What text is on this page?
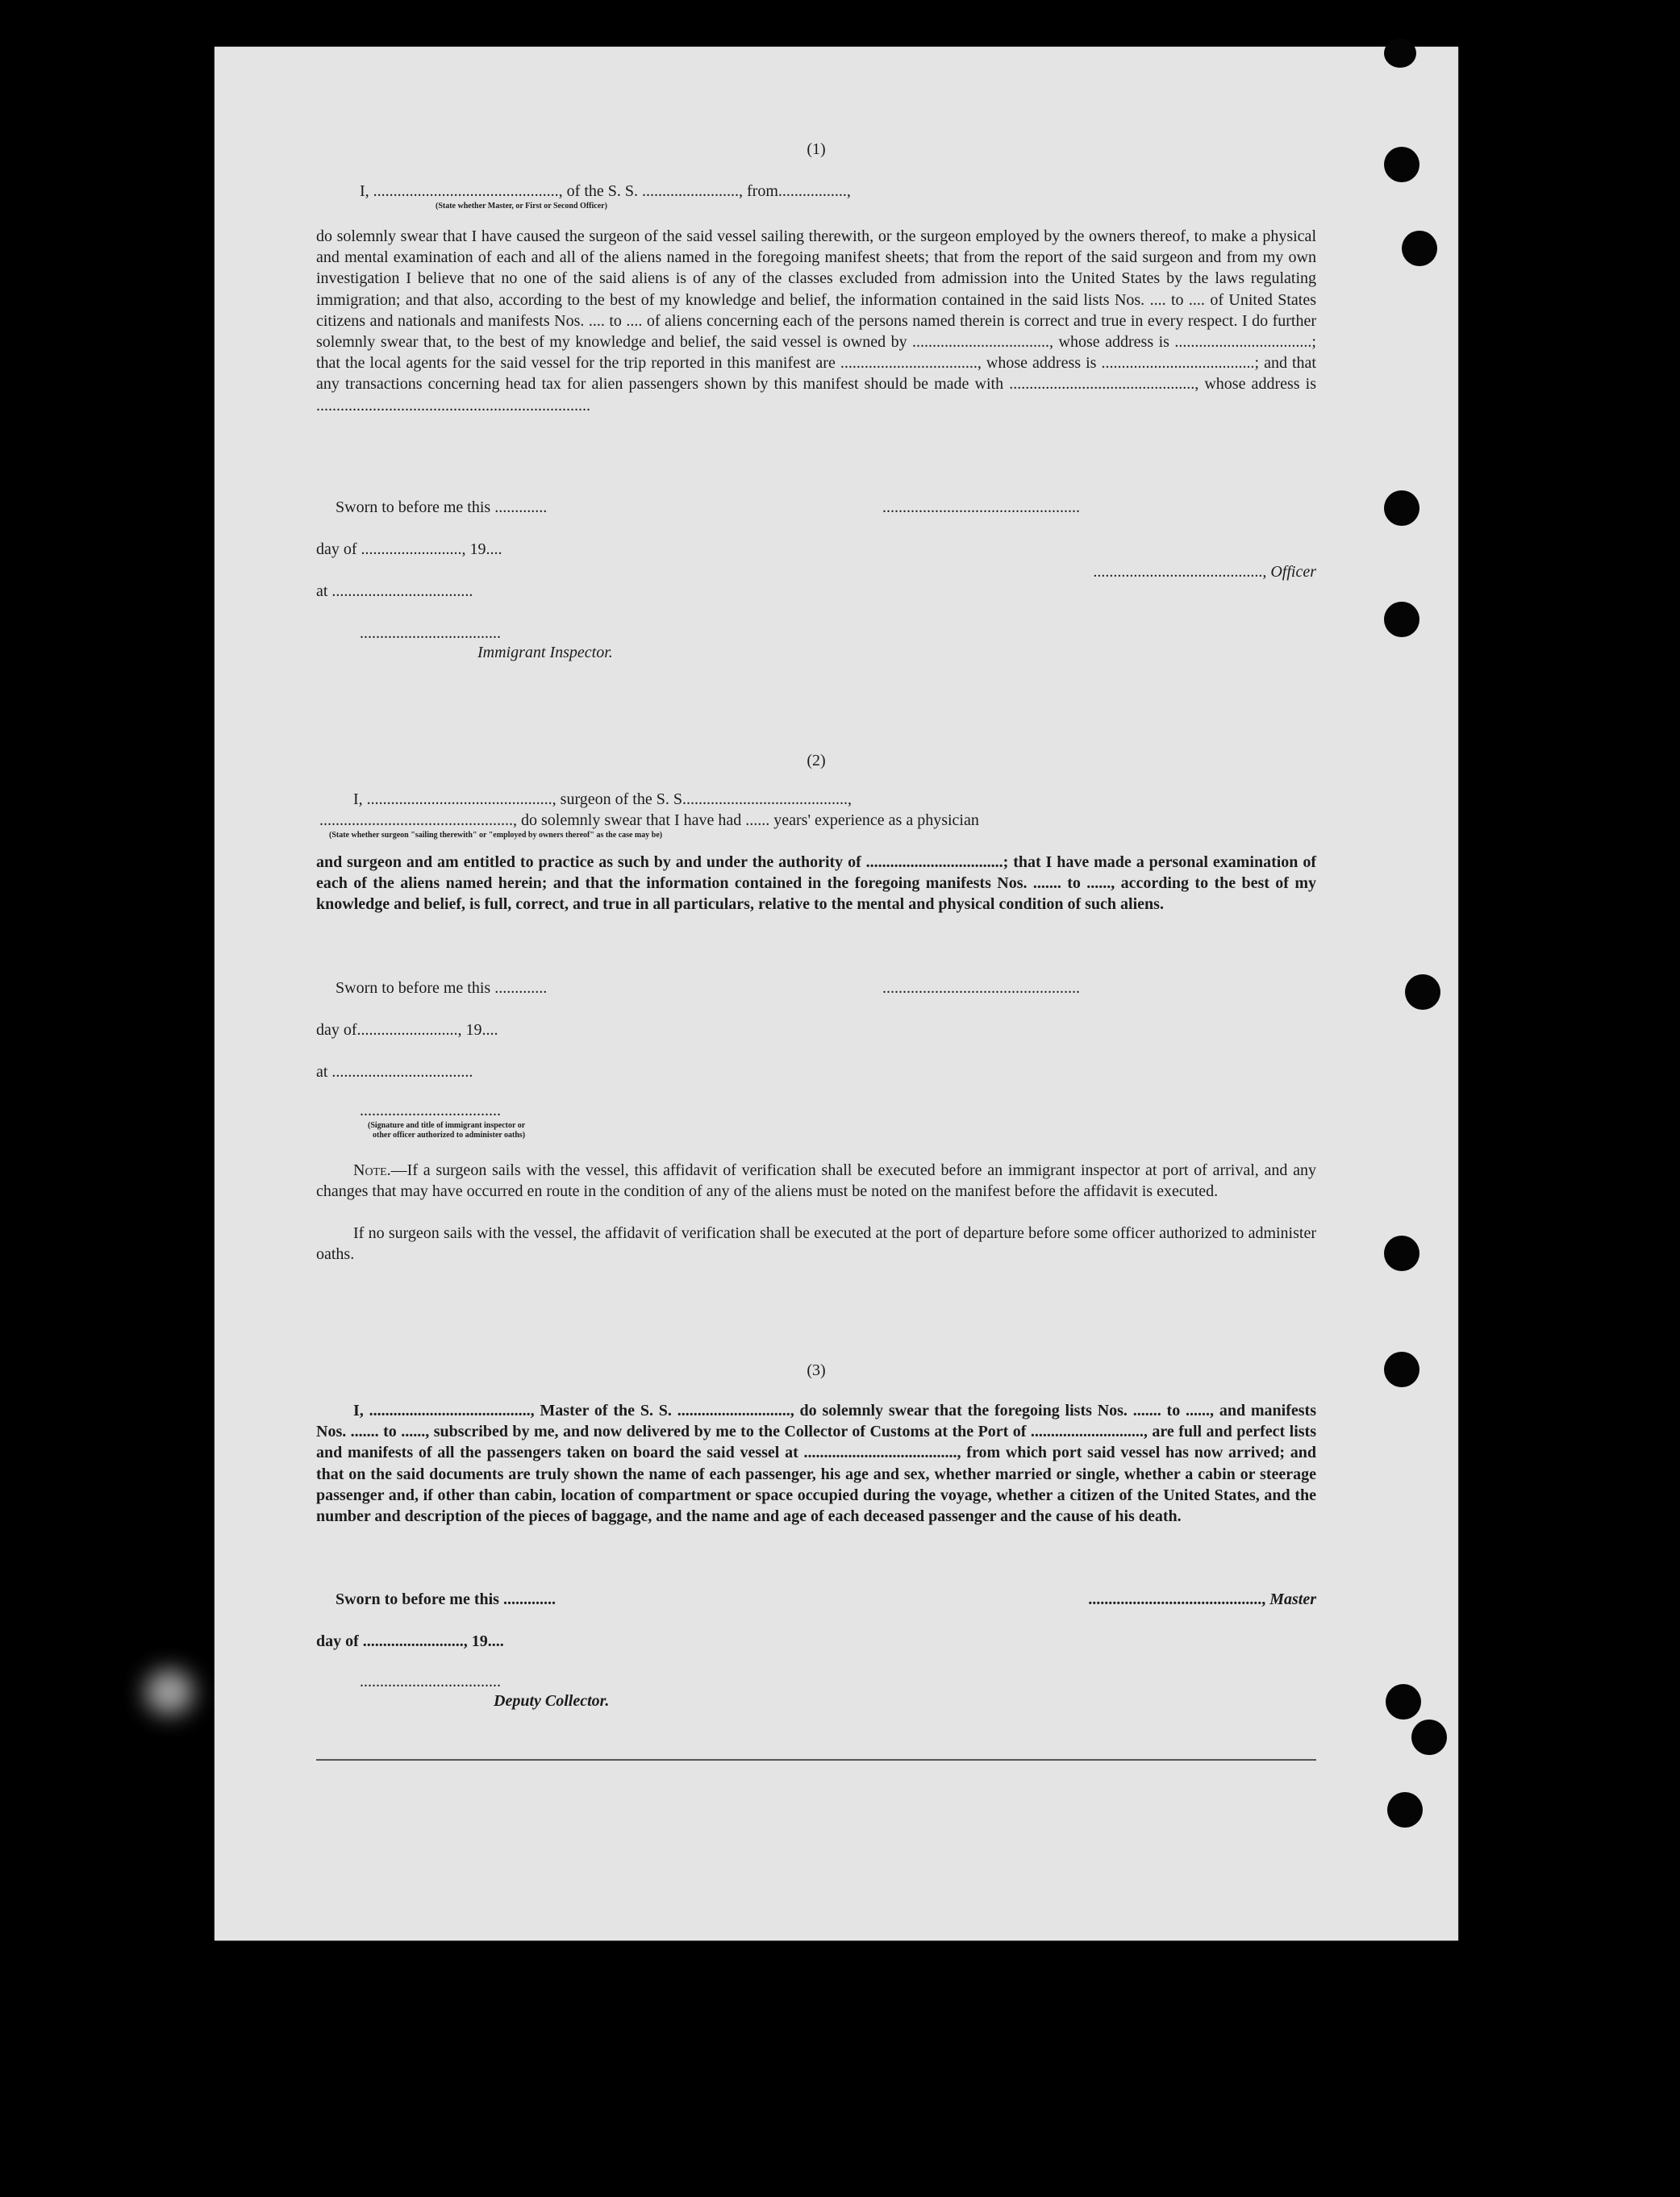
(1)
I, .............................................., of the S. S. ........................, from.................,
(State whether Master, or First or Second Officer)
do solemnly swear that I have caused the surgeon of the said vessel sailing therewith, or the surgeon employed by the owners thereof, to make a physical and mental examination of each and all of the aliens named in the foregoing manifest sheets; that from the report of the said surgeon and from my own investigation I believe that no one of the said aliens is of any of the classes excluded from admission into the United States by the laws regulating immigration; and that also, according to the best of my knowledge and belief, the information contained in the said lists Nos. .... to .... of United States citizens and nationals and manifests Nos. .... to .... of aliens concerning each of the persons named therein is correct and true in every respect. I do further solemnly swear that, to the best of my knowledge and belief, the said vessel is owned by .................................., whose address is ..................................; that the local agents for the said vessel for the trip reported in this manifest are .................................., whose address is ......................................; and that any transactions concerning head tax for alien passengers shown by this manifest should be made with .............................................., whose address is ....................................................................
Sworn to before me this .............	.................................................
day of ........................., 19....
.........................................., Officer
at ...................................
...................................
Immigrant Inspector.
(2)
I, .............................................., surgeon of the S. S.........................................,
................................................, do solemnly swear that I have had ...... years' experience as a physician
(State whether surgeon "sailing therewith" or "employed by owners thereof" as the case may be)
and surgeon and am entitled to practice as such by and under the authority of ..................................; that I have made a personal examination of each of the aliens named herein; and that the information contained in the foregoing manifests Nos. ....... to ......, according to the best of my knowledge and belief, is full, correct, and true in all particulars, relative to the mental and physical condition of such aliens.
Sworn to before me this .............	.................................................
day of........................., 19....
at ...................................
...................................
(Signature and title of immigrant inspector or
other officer authorized to administer oaths)
Note.—If a surgeon sails with the vessel, this affidavit of verification shall be executed before an immigrant inspector at port of arrival, and any changes that may have occurred en route in the condition of any of the aliens must be noted on the manifest before the affidavit is executed.
If no surgeon sails with the vessel, the affidavit of verification shall be executed at the port of departure before some officer authorized to administer oaths.
(3)
I, ........................................, Master of the S. S. ............................, do solemnly swear that the foregoing lists Nos. ....... to ......, and manifests Nos. ....... to ......, subscribed by me, and now delivered by me to the Collector of Customs at the Port of ............................, are full and perfect lists and manifests of all the passengers taken on board the said vessel at ......................................, from which port said vessel has now arrived; and that on the said documents are truly shown the name of each passenger, his age and sex, whether married or single, whether a cabin or steerage passenger and, if other than cabin, location of compartment or space occupied during the voyage, whether a citizen of the United States, and the number and description of the pieces of baggage, and the name and age of each deceased passenger and the cause of his death.
Sworn to before me this .............	..........................................., Master
day of ........................., 19....
...................................
Deputy Collector.
